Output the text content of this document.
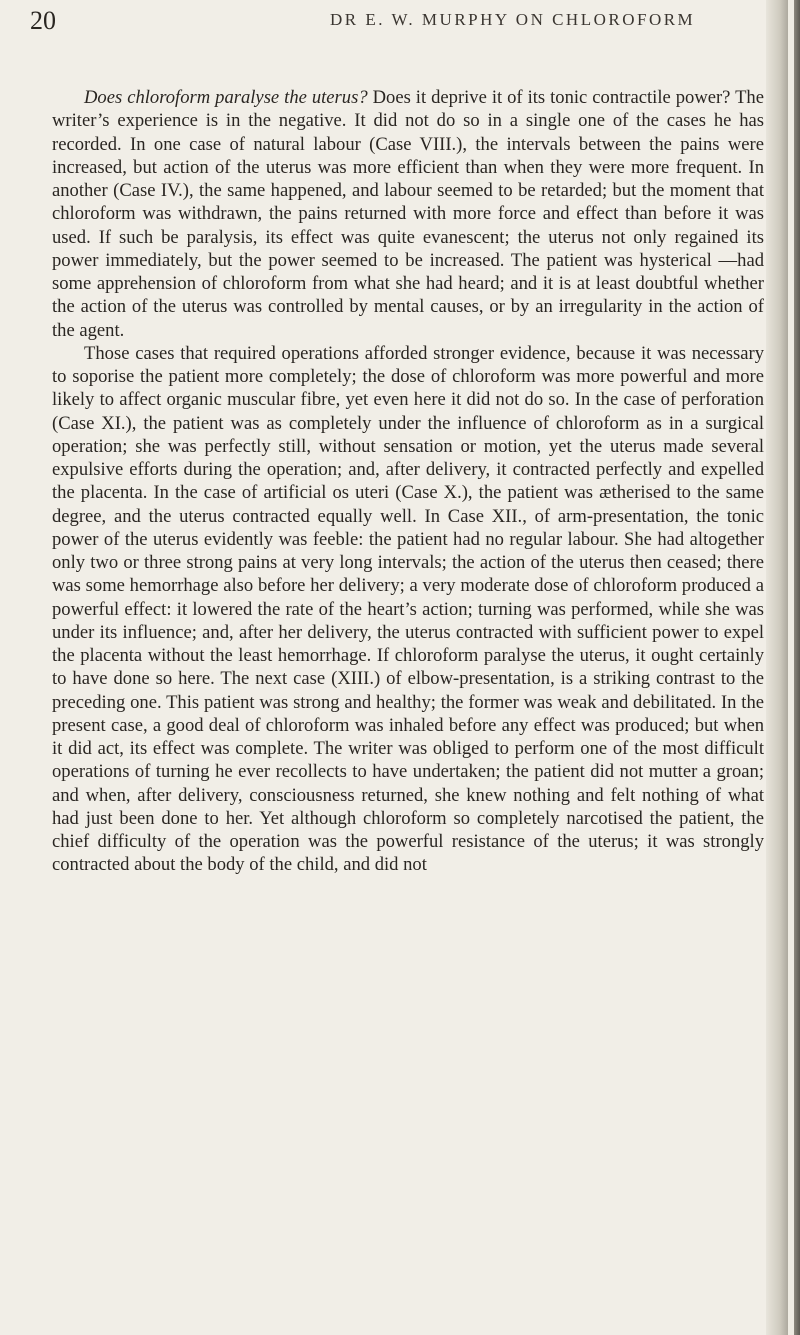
20	DR E. W. MURPHY ON CHLOROFORM

Does chloroform paralyse the uterus? Does it deprive it of its tonic contractile power? The writer’s experience is in the negative. It did not do so in a single one of the cases he has recorded. In one case of natural labour (Case VIII.), the intervals between the pains were increased, but action of the uterus was more efficient than when they were more frequent. In another (Case IV.), the same happened, and labour seemed to be retarded; but the moment that chloroform was withdrawn, the pains returned with more force and effect than before it was used. If such be paralysis, its effect was quite evanescent; the uterus not only regained its power immediately, but the power seemed to be increased. The patient was hysterical —had some apprehension of chloroform from what she had heard; and it is at least doubtful whether the action of the uterus was controlled by mental causes, or by an irregularity in the action of the agent.

Those cases that required operations afforded stronger evidence, because it was necessary to soporise the patient more completely; the dose of chloroform was more powerful and more likely to affect organic muscular fibre, yet even here it did not do so. In the case of perforation (Case XI.), the patient was as completely under the influence of chloroform as in a surgical operation; she was perfectly still, without sensation or motion, yet the uterus made several expulsive efforts during the operation; and, after delivery, it contracted perfectly and expelled the placenta. In the case of artificial os uteri (Case X.), the patient was ætherised to the same degree, and the uterus contracted equally well. In Case XII., of arm-presentation, the tonic power of the uterus evidently was feeble: the patient had no regular labour. She had altogether only two or three strong pains at very long intervals; the action of the uterus then ceased; there was some hemorrhage also before her delivery; a very moderate dose of chloroform produced a powerful effect: it lowered the rate of the heart’s action; turning was performed, while she was under its influence; and, after her delivery, the uterus contracted with sufficient power to expel the placenta without the least hemorrhage. If chloroform paralyse the uterus, it ought certainly to have done so here. The next case (XIII.) of elbow-presentation, is a striking contrast to the preceding one. This patient was strong and healthy; the former was weak and debilitated. In the present case, a good deal of chloroform was inhaled before any effect was produced; but when it did act, its effect was complete. The writer was obliged to perform one of the most difficult operations of turning he ever recollects to have undertaken; the patient did not mutter a groan; and when, after delivery, consciousness returned, she knew nothing and felt nothing of what had just been done to her. Yet although chloroform so completely narcotised the patient, the chief difficulty of the operation was the powerful resistance of the uterus; it was strongly contracted about the body of the child, and did not
